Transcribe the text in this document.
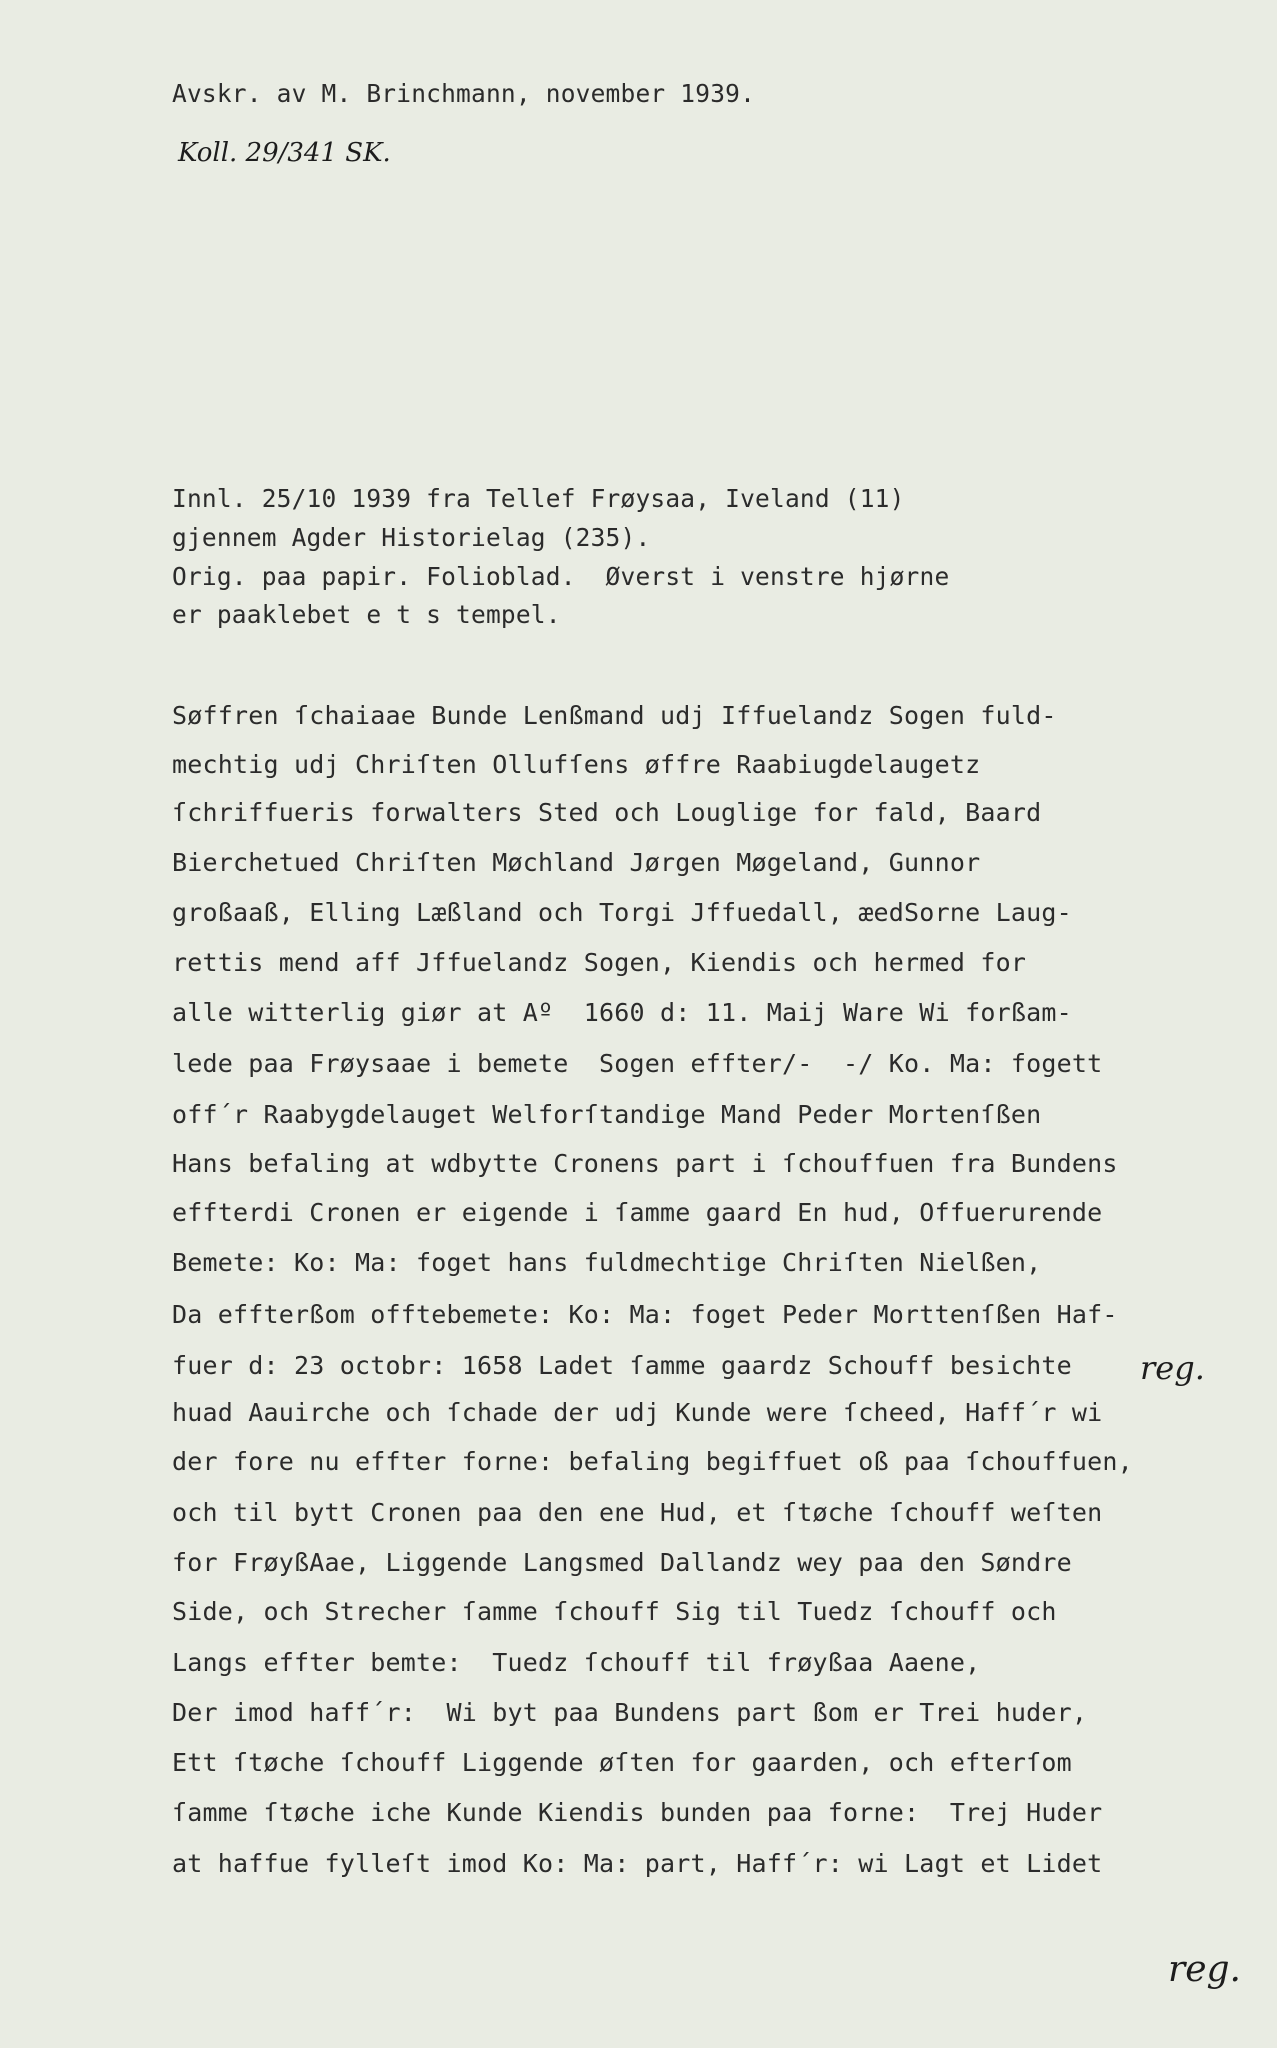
Avskr. av M. Brinchmann, november 1939.
Koll. 29/341 SK.
Innl. 25/10 1939 fra Tellef Frøysaa, Iveland (11)
gjennem Agder Historielag (235).
Orig. paa papir. Folioblad.  Øverst i venstre hjørne
er paaklebet e t s tempel.
Søffren ſchaiaae Bunde Lenßmand udj Iffuelandz Sogen fuld-
mechtig udj Chriſten Ollufſens øffre Raabiugdelaugetz
ſchriffueris forwalters Sted och Louglige for fald, Baard
Bierchetued Chriſten Møchland Jørgen Møgeland, Gunnor
großaaß, Elling Læßland och Torgi Jffuedall, æedSorne Laug-
rettis mend aff Jffuelandz Sogen, Kiendis och hermed for
alle witterlig giør at Aº  1660 d: 11. Maij Ware Wi forßam-
lede paa Frøysaae i bemete  Sogen effter/-  -/ Ko. Ma: fogett
off´r Raabygdelauget Welforſtandige Mand Peder Mortenſßen
Hans befaling at wdbytte Cronens part i ſchouffuen fra Bundens
effterdi Cronen er eigende i ſamme gaard En hud, Offuerurende
Bemete: Ko: Ma: foget hans fuldmechtige Chriſten Nielßen,
Da effterßom offtebemete: Ko: Ma: foget Peder Morttenſßen Haf-
fuer d: 23 octobr: 1658 Ladet ſamme gaardz Schouff besichte
huad Aauirche och ſchade der udj Kunde were ſcheed, Haff´r wi
der fore nu effter forne: befaling begiffuet oß paa ſchouffuen,
och til bytt Cronen paa den ene Hud, et ſtøche ſchouff weſten
for FrøyßAae, Liggende Langsmed Dallandz wey paa den Søndre
Side, och Strecher ſamme ſchouff Sig til Tuedz ſchouff och
Langs effter bemte:  Tuedz ſchouff til frøyßaa Aaene,
Der imod haff´r:  Wi byt paa Bundens part ßom er Trei huder,
Ett ſtøche ſchouff Liggende øſten for gaarden, och efterſom
ſamme ſtøche iche Kunde Kiendis bunden paa forne:  Trej Huder
at haffue fylleſt imod Ko: Ma: part, Haff´r: wi Lagt et Lidet
reg.
reg.
